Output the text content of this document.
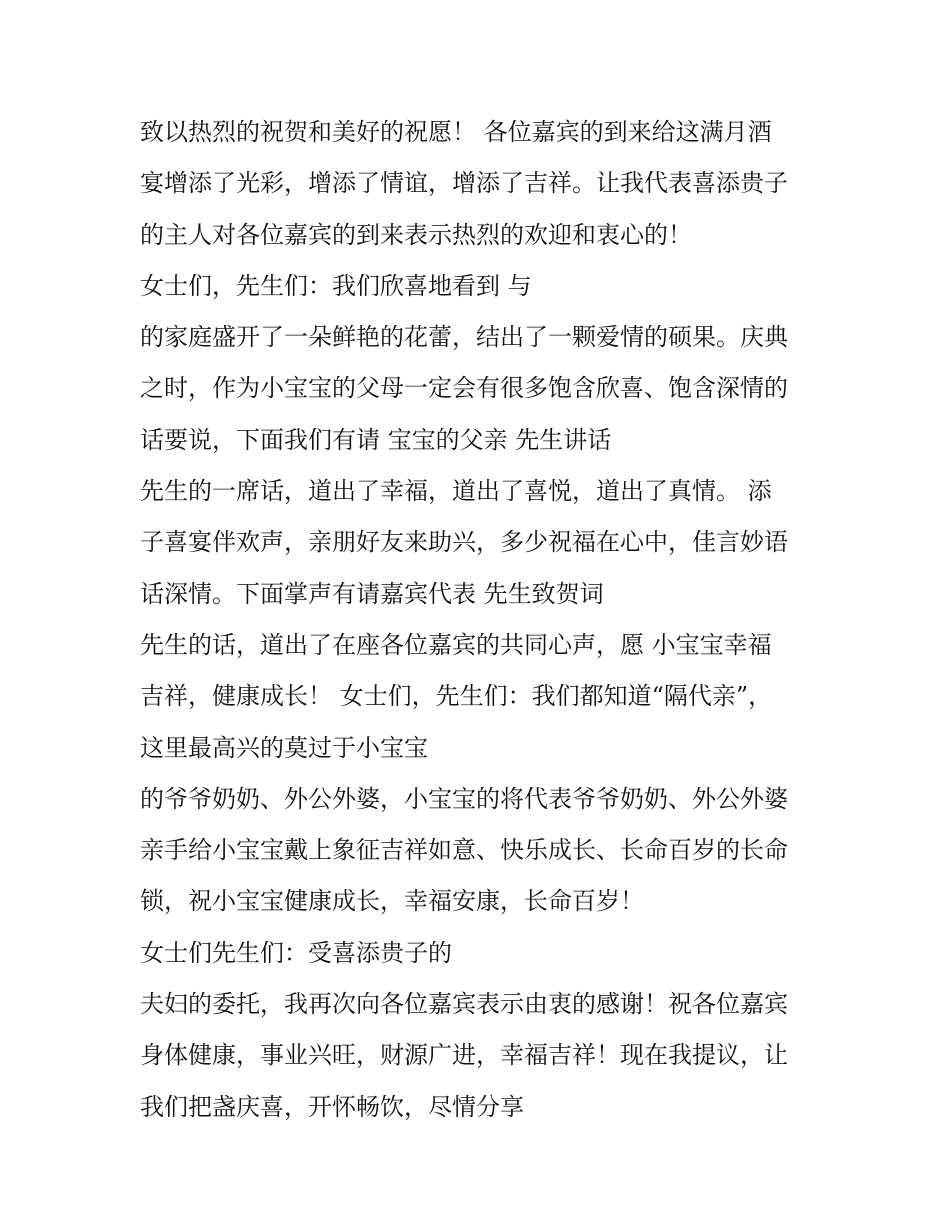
致以热烈的祝贺和美好的祝愿！ 各位嘉宾的到来给这满月酒
宴增添了光彩，增添了情谊，增添了吉祥。让我代表喜添贵子
的主人对各位嘉宾的到来表示热烈的欢迎和衷心的！
女士们，先生们：我们欣喜地看到 与
的家庭盛开了一朵鲜艳的花蕾，结出了一颗爱情的硕果。庆典
之时，作为小宝宝的父母一定会有很多饱含欣喜、饱含深情的
话要说，下面我们有请 宝宝的父亲 先生讲话
先生的一席话，道出了幸福，道出了喜悦，道出了真情。 添
子喜宴伴欢声，亲朋好友来助兴，多少祝福在心中，佳言妙语
话深情。下面掌声有请嘉宾代表 先生致贺词
先生的话，道出了在座各位嘉宾的共同心声，愿 小宝宝幸福
吉祥，健康成长！ 女士们，先生们：我们都知道“隔代亲”，
这里最高兴的莫过于小宝宝
的爷爷奶奶、外公外婆，小宝宝的将代表爷爷奶奶、外公外婆
亲手给小宝宝戴上象征吉祥如意、快乐成长、长命百岁的长命
锁，祝小宝宝健康成长，幸福安康，长命百岁！
女士们先生们：受喜添贵子的
夫妇的委托，我再次向各位嘉宾表示由衷的感谢！祝各位嘉宾
身体健康，事业兴旺，财源广进，幸福吉祥！现在我提议，让
我们把盏庆喜，开怀畅饮，尽情分享
